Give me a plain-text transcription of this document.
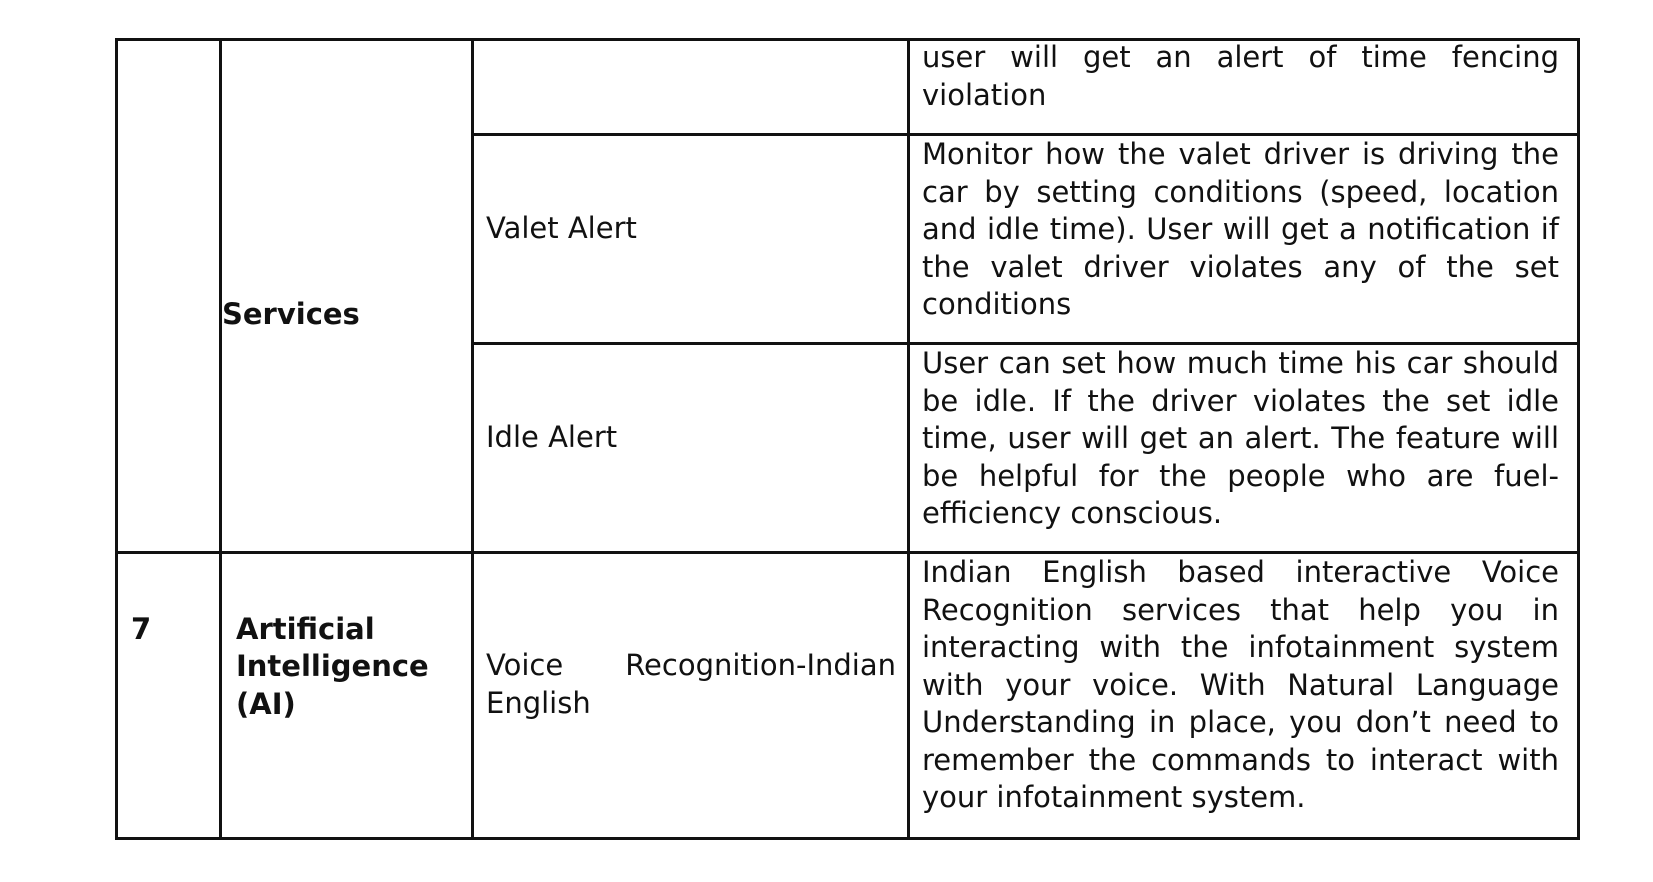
Services

user will get an alert of time fencing violation

Valet Alert

Monitor how the valet driver is driving the car by setting conditions (speed, location and idle time). User will get a notification if the valet driver violates any of the set conditions

Idle Alert

User can set how much time his car should be idle. If the driver violates the set idle time, user will get an alert. The feature will be helpful for the people who are fuel-efficiency conscious.

7	Artificial
Intelligence
(AI)

Voice Recognition-Indian English

Indian English based interactive Voice Recognition services that help you in interacting with the infotainment system with your voice. With Natural Language Understanding in place, you don’t need to remember the commands to interact with your infotainment system.
